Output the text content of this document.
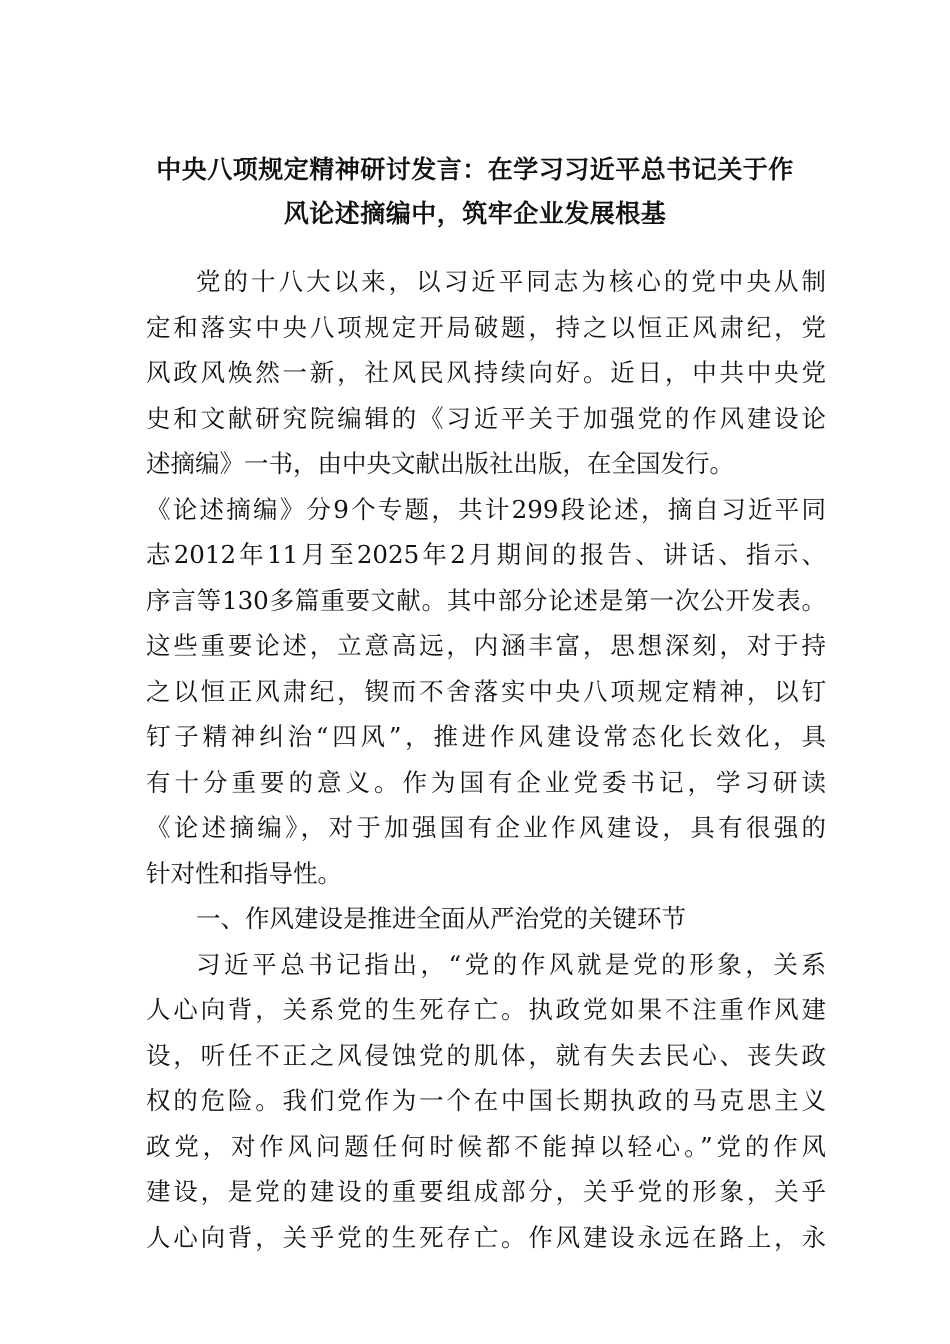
中央八项规定精神研讨发言：在学习习近平总书记关于作
风论述摘编中，筑牢企业发展根基
党的十八大以来，以习近平同志为核心的党中央从制
定和落实中央八项规定开局破题，持之以恒正风肃纪，党
风政风焕然一新，社风民风持续向好。近日，中共中央党
史和文献研究院编辑的《习近平关于加强党的作风建设论
述摘编》一书，由中央文献出版社出版，在全国发行。
《论述摘编》分9个专题，共计299段论述，摘自习近平同
志2012年11月至2025年2月期间的报告、讲话、指示、
序言等130多篇重要文献。其中部分论述是第一次公开发表。
这些重要论述，立意高远，内涵丰富，思想深刻，对于持
之以恒正风肃纪，锲而不舍落实中央八项规定精神，以钉
钉子精神纠治“四风”，推进作风建设常态化长效化，具
有十分重要的意义。作为国有企业党委书记，学习研读
《论述摘编》，对于加强国有企业作风建设，具有很强的
针对性和指导性。
一、作风建设是推进全面从严治党的关键环节
习近平总书记指出，“党的作风就是党的形象，关系
人心向背，关系党的生死存亡。执政党如果不注重作风建
设，听任不正之风侵蚀党的肌体，就有失去民心、丧失政
权的危险。我们党作为一个在中国长期执政的马克思主义
政党，对作风问题任何时候都不能掉以轻心。”党的作风
建设，是党的建设的重要组成部分，关乎党的形象，关乎
人心向背，关乎党的生死存亡。作风建设永远在路上，永
